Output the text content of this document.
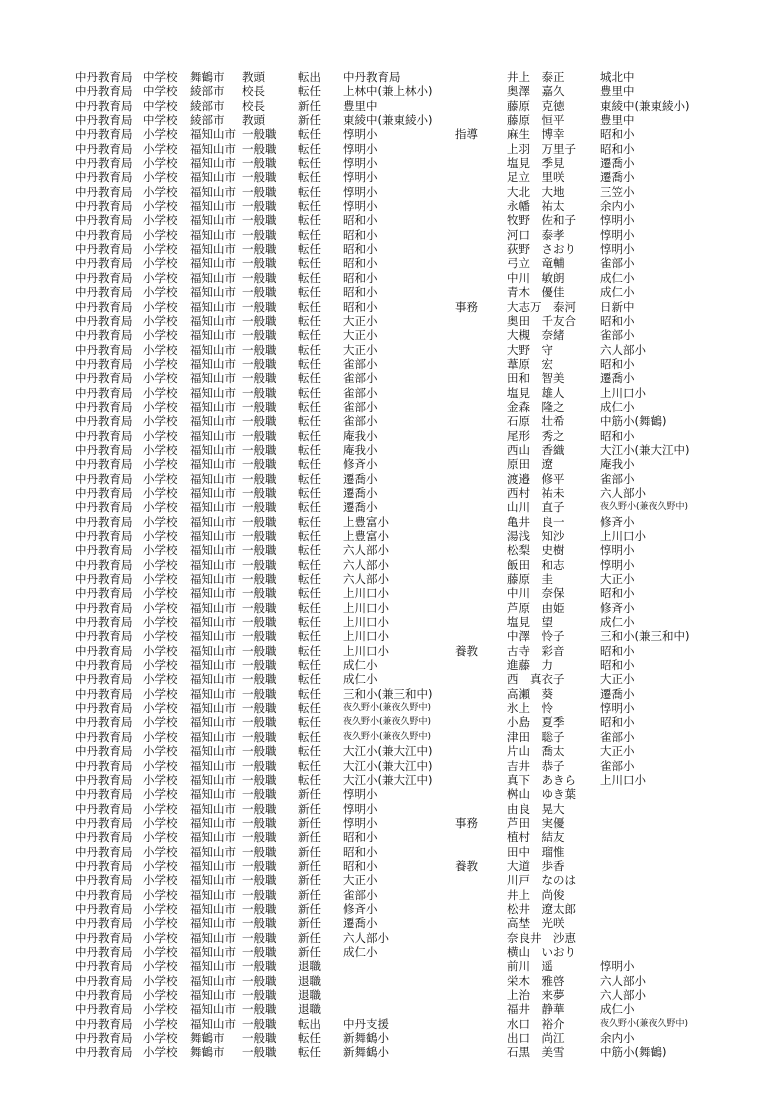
中丹教育局 中学校 舞鶴市 教頭	転出 中丹教育局	井上　泰正	城北中
中丹教育局 中学校 綾部市 校長	転任 上林中(兼上林小)	奥澤　嘉久	豊里中
中丹教育局 中学校 綾部市 校長	新任 豊里中	藤原　克徳	東綾中(兼東綾小)
中丹教育局 中学校 綾部市 教頭	新任 東綾中(兼東綾小)	藤原　恒平	豊里中
中丹教育局 小学校 福知山市 一般職 転任 惇明小	指導	麻生　博幸	昭和小
中丹教育局 小学校 福知山市 一般職 転任 惇明小	上羽　万里子 昭和小
中丹教育局 小学校 福知山市 一般職 転任 惇明小	塩見　季見	遷喬小
中丹教育局 小学校 福知山市 一般職 転任 惇明小	足立　里咲	遷喬小
中丹教育局 小学校 福知山市 一般職 転任 惇明小	大北　大地	三笠小
中丹教育局 小学校 福知山市 一般職 転任 惇明小	永幡　祐太	余内小
中丹教育局 小学校 福知山市 一般職 転任 昭和小	牧野　佐和子 惇明小
中丹教育局 小学校 福知山市 一般職 転任 昭和小	河口　泰孝	惇明小
中丹教育局 小学校 福知山市 一般職 転任 昭和小	荻野　さおり 惇明小
中丹教育局 小学校 福知山市 一般職 転任 昭和小	弓立　竜輔	雀部小
中丹教育局 小学校 福知山市 一般職 転任 昭和小	中川　敏朗	成仁小
中丹教育局 小学校 福知山市 一般職 転任 昭和小	青木　優佳	成仁小
中丹教育局 小学校 福知山市 一般職 転任 昭和小	事務	大志万　泰河 日新中
中丹教育局 小学校 福知山市 一般職 転任 大正小	奥田　千友合 昭和小
中丹教育局 小学校 福知山市 一般職 転任 大正小	大槻　奈緒	雀部小
中丹教育局 小学校 福知山市 一般職 転任 大正小	大野　守	六人部小
中丹教育局 小学校 福知山市 一般職 転任 雀部小	葦原　宏	昭和小
中丹教育局 小学校 福知山市 一般職 転任 雀部小	田和　智美	遷喬小
中丹教育局 小学校 福知山市 一般職 転任 雀部小	塩見　雄人	上川口小
中丹教育局 小学校 福知山市 一般職 転任 雀部小	金森　隆之	成仁小
中丹教育局 小学校 福知山市 一般職 転任 雀部小	石原　壮希	中筋小(舞鶴)
中丹教育局 小学校 福知山市 一般職 転任 庵我小	尾形　秀之	昭和小
中丹教育局 小学校 福知山市 一般職 転任 庵我小	西山　香織	大江小(兼大江中)
中丹教育局 小学校 福知山市 一般職 転任 修斉小	原田　遼	庵我小
中丹教育局 小学校 福知山市 一般職 転任 遷喬小	渡邉　修平	雀部小
中丹教育局 小学校 福知山市 一般職 転任 遷喬小	西村　祐未	六人部小
中丹教育局 小学校 福知山市 一般職 転任 遷喬小	山川　直子	夜久野小(兼夜久野中)
中丹教育局 小学校 福知山市 一般職 転任 上豊富小	亀井　良一	修斉小
中丹教育局 小学校 福知山市 一般職 転任 上豊富小	湯浅　知沙	上川口小
中丹教育局 小学校 福知山市 一般職 転任 六人部小	松梨　史樹	惇明小
中丹教育局 小学校 福知山市 一般職 転任 六人部小	飯田　和志	惇明小
中丹教育局 小学校 福知山市 一般職 転任 六人部小	藤原　圭	大正小
中丹教育局 小学校 福知山市 一般職 転任 上川口小	中川　奈保	昭和小
中丹教育局 小学校 福知山市 一般職 転任 上川口小	芦原　由姫	修斉小
中丹教育局 小学校 福知山市 一般職 転任 上川口小	塩見　望	成仁小
中丹教育局 小学校 福知山市 一般職 転任 上川口小	中澤　怜子	三和小(兼三和中)
中丹教育局 小学校 福知山市 一般職 転任 上川口小	養教	古寺　彩音	昭和小
中丹教育局 小学校 福知山市 一般職 転任 成仁小	進藤　力	昭和小
中丹教育局 小学校 福知山市 一般職 転任 成仁小	西　真衣子	大正小
中丹教育局 小学校 福知山市 一般職 転任 三和小(兼三和中)	高瀬　葵	遷喬小
中丹教育局 小学校 福知山市 一般職 転任 夜久野小(兼夜久野中)	氷上　怜	惇明小
中丹教育局 小学校 福知山市 一般職 転任 夜久野小(兼夜久野中)	小島　夏季	昭和小
中丹教育局 小学校 福知山市 一般職 転任 夜久野小(兼夜久野中)	津田　聡子	雀部小
中丹教育局 小学校 福知山市 一般職 転任 大江小(兼大江中)	片山　喬太	大正小
中丹教育局 小学校 福知山市 一般職 転任 大江小(兼大江中)	吉井　恭子	雀部小
中丹教育局 小学校 福知山市 一般職 転任 大江小(兼大江中)	真下　あきら 上川口小
中丹教育局 小学校 福知山市 一般職 新任 惇明小	桝山　ゆき葉
中丹教育局 小学校 福知山市 一般職 新任 惇明小	由良　晃大
中丹教育局 小学校 福知山市 一般職 新任 惇明小	事務	芦田　実優
中丹教育局 小学校 福知山市 一般職 新任 昭和小	植村　結友
中丹教育局 小学校 福知山市 一般職 新任 昭和小	田中　瑠惟
中丹教育局 小学校 福知山市 一般職 新任 昭和小	養教	大道　歩香
中丹教育局 小学校 福知山市 一般職 新任 大正小	川戸　なのは
中丹教育局 小学校 福知山市 一般職 新任 雀部小	井上　尚俊
中丹教育局 小学校 福知山市 一般職 新任 修斉小	松井　遼太郎
中丹教育局 小学校 福知山市 一般職 新任 遷喬小	高埜　光咲
中丹教育局 小学校 福知山市 一般職 新任 六人部小	奈良井　沙恵
中丹教育局 小学校 福知山市 一般職 新任 成仁小	横山　いおり
中丹教育局 小学校 福知山市 一般職 退職	前川　遥	惇明小
中丹教育局 小学校 福知山市 一般職 退職	栄木　雅啓	六人部小
中丹教育局 小学校 福知山市 一般職 退職	上治　来夢	六人部小
中丹教育局 小学校 福知山市 一般職 退職	福井　静華	成仁小
中丹教育局 小学校 福知山市 一般職 転出 中丹支援	水口　裕介	夜久野小(兼夜久野中)
中丹教育局 小学校 舞鶴市 一般職 転任 新舞鶴小	出口　尚江	余内小
中丹教育局 小学校 舞鶴市 一般職 転任 新舞鶴小	石黒　美雪	中筋小(舞鶴)
